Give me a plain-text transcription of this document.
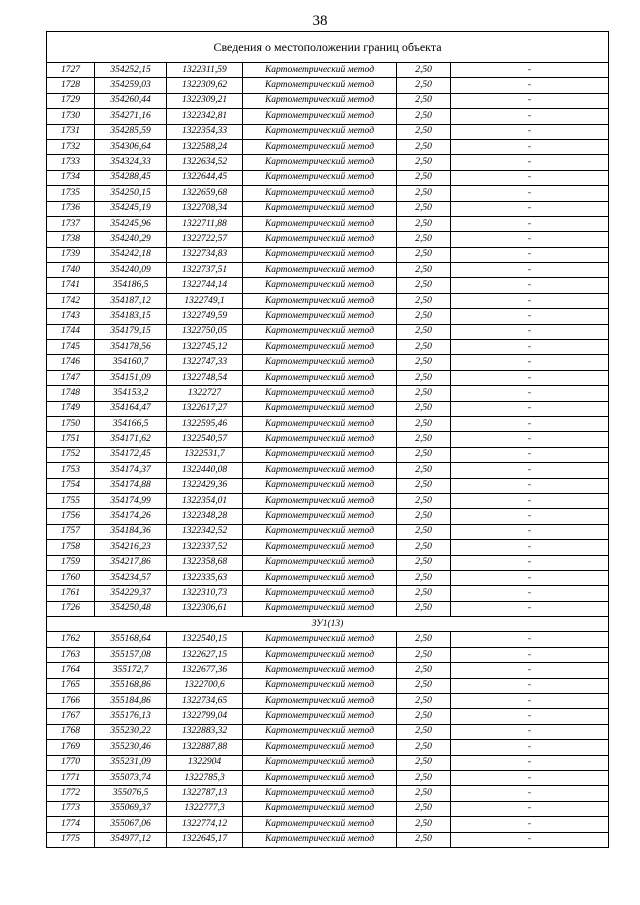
38
Сведения о местоположении границ объекта					
1727	354252,15	1322311,59	Картометрический метод	2,50	-
1728	354259,03	1322309,62	Картометрический метод	2,50	-
1729	354260,44	1322309,21	Картометрический метод	2,50	-
1730	354271,16	1322342,81	Картометрический метод	2,50	-
1731	354285,59	1322354,33	Картометрический метод	2,50	-
1732	354306,64	1322588,24	Картометрический метод	2,50	-
1733	354324,33	1322634,52	Картометрический метод	2,50	-
1734	354288,45	1322644,45	Картометрический метод	2,50	-
1735	354250,15	1322659,68	Картометрический метод	2,50	-
1736	354245,19	1322708,34	Картометрический метод	2,50	-
1737	354245,96	1322711,88	Картометрический метод	2,50	-
1738	354240,29	1322722,57	Картометрический метод	2,50	-
1739	354242,18	1322734,83	Картометрический метод	2,50	-
1740	354240,09	1322737,51	Картометрический метод	2,50	-
1741	354186,5	1322744,14	Картометрический метод	2,50	-
1742	354187,12	1322749,1	Картометрический метод	2,50	-
1743	354183,15	1322749,59	Картометрический метод	2,50	-
1744	354179,15	1322750,05	Картометрический метод	2,50	-
1745	354178,56	1322745,12	Картометрический метод	2,50	-
1746	354160,7	1322747,33	Картометрический метод	2,50	-
1747	354151,09	1322748,54	Картометрический метод	2,50	-
1748	354153,2	1322727	Картометрический метод	2,50	-
1749	354164,47	1322617,27	Картометрический метод	2,50	-
1750	354166,5	1322595,46	Картометрический метод	2,50	-
1751	354171,62	1322540,57	Картометрический метод	2,50	-
1752	354172,45	1322531,7	Картометрический метод	2,50	-
1753	354174,37	1322440,08	Картометрический метод	2,50	-
1754	354174,88	1322429,36	Картометрический метод	2,50	-
1755	354174,99	1322354,01	Картометрический метод	2,50	-
1756	354174,26	1322348,28	Картометрический метод	2,50	-
1757	354184,36	1322342,52	Картометрический метод	2,50	-
1758	354216,23	1322337,52	Картометрический метод	2,50	-
1759	354217,86	1322358,68	Картометрический метод	2,50	-
1760	354234,57	1322335,63	Картометрический метод	2,50	-
1761	354229,37	1322310,73	Картометрический метод	2,50	-
1726	354250,48	1322306,61	Картометрический метод	2,50	-
ЗУ1(13)					
1762	355168,64	1322540,15	Картометрический метод	2,50	-
1763	355157,08	1322627,15	Картометрический метод	2,50	-
1764	355172,7	1322677,36	Картометрический метод	2,50	-
1765	355168,86	1322700,6	Картометрический метод	2,50	-
1766	355184,86	1322734,65	Картометрический метод	2,50	-
1767	355176,13	1322799,04	Картометрический метод	2,50	-
1768	355230,22	1322883,32	Картометрический метод	2,50	-
1769	355230,46	1322887,88	Картометрический метод	2,50	-
1770	355231,09	1322904	Картометрический метод	2,50	-
1771	355073,74	1322785,3	Картометрический метод	2,50	-
1772	355076,5	1322787,13	Картометрический метод	2,50	-
1773	355069,37	1322777,3	Картометрический метод	2,50	-
1774	355067,06	1322774,12	Картометрический метод	2,50	-
1775	354977,12	1322645,17	Картометрический метод	2,50	-
